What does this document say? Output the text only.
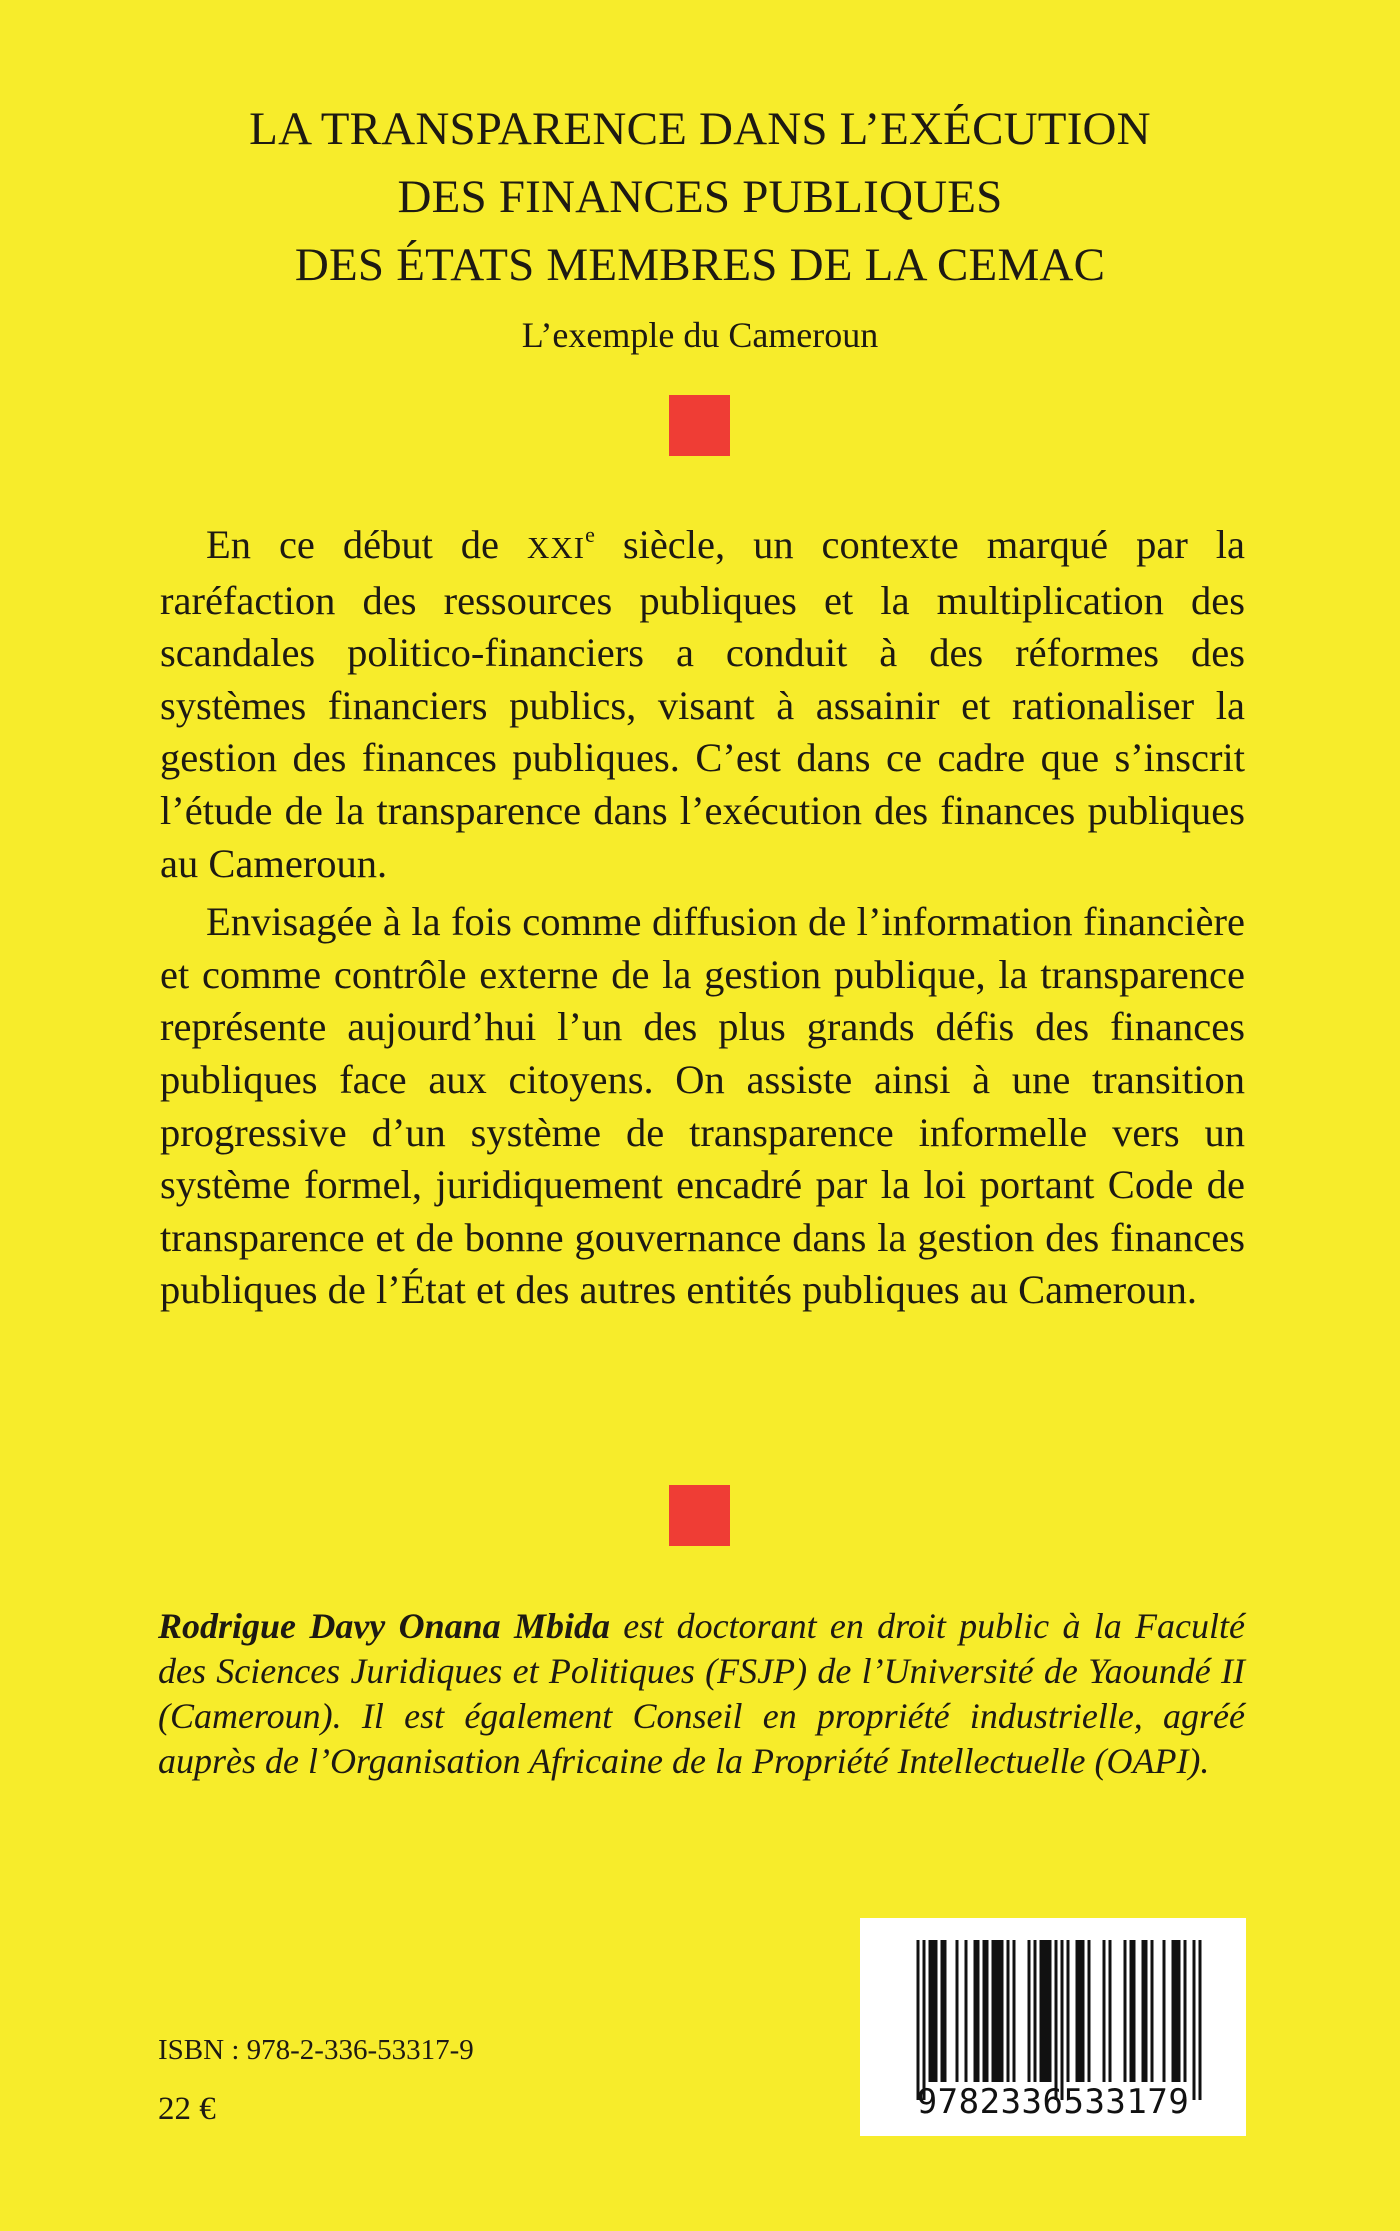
LA TRANSPARENCE DANS L’EXÉCUTION
DES FINANCES PUBLIQUES
DES ÉTATS MEMBRES DE LA CEMAC
L’exemple du Cameroun

En ce début de XXIe siècle, un contexte marqué par la raréfaction des ressources publiques et la multiplication des scandales politico-financiers a conduit à des réformes des systèmes financiers publics, visant à assainir et rationaliser la gestion des finances publiques. C’est dans ce cadre que s’inscrit l’étude de la transparence dans l’exécution des finances publiques au Cameroun.

Envisagée à la fois comme diffusion de l’information financière et comme contrôle externe de la gestion publique, la transparence représente aujourd’hui l’un des plus grands défis des finances publiques face aux citoyens. On assiste ainsi à une transition progressive d’un système de transparence informelle vers un système formel, juridiquement encadré par la loi portant Code de transparence et de bonne gouvernance dans la gestion des finances publiques de l’État et des autres entités publiques au Cameroun.

Rodrigue Davy Onana Mbida est doctorant en droit public à la Faculté des Sciences Juridiques et Politiques (FSJP) de l’Université de Yaoundé II (Cameroun). Il est également Conseil en propriété industrielle, agréé auprès de l’Organisation Africaine de la Propriété Intellectuelle (OAPI).
ISBN : 978-2-336-53317-9
22 €	9782336533179
